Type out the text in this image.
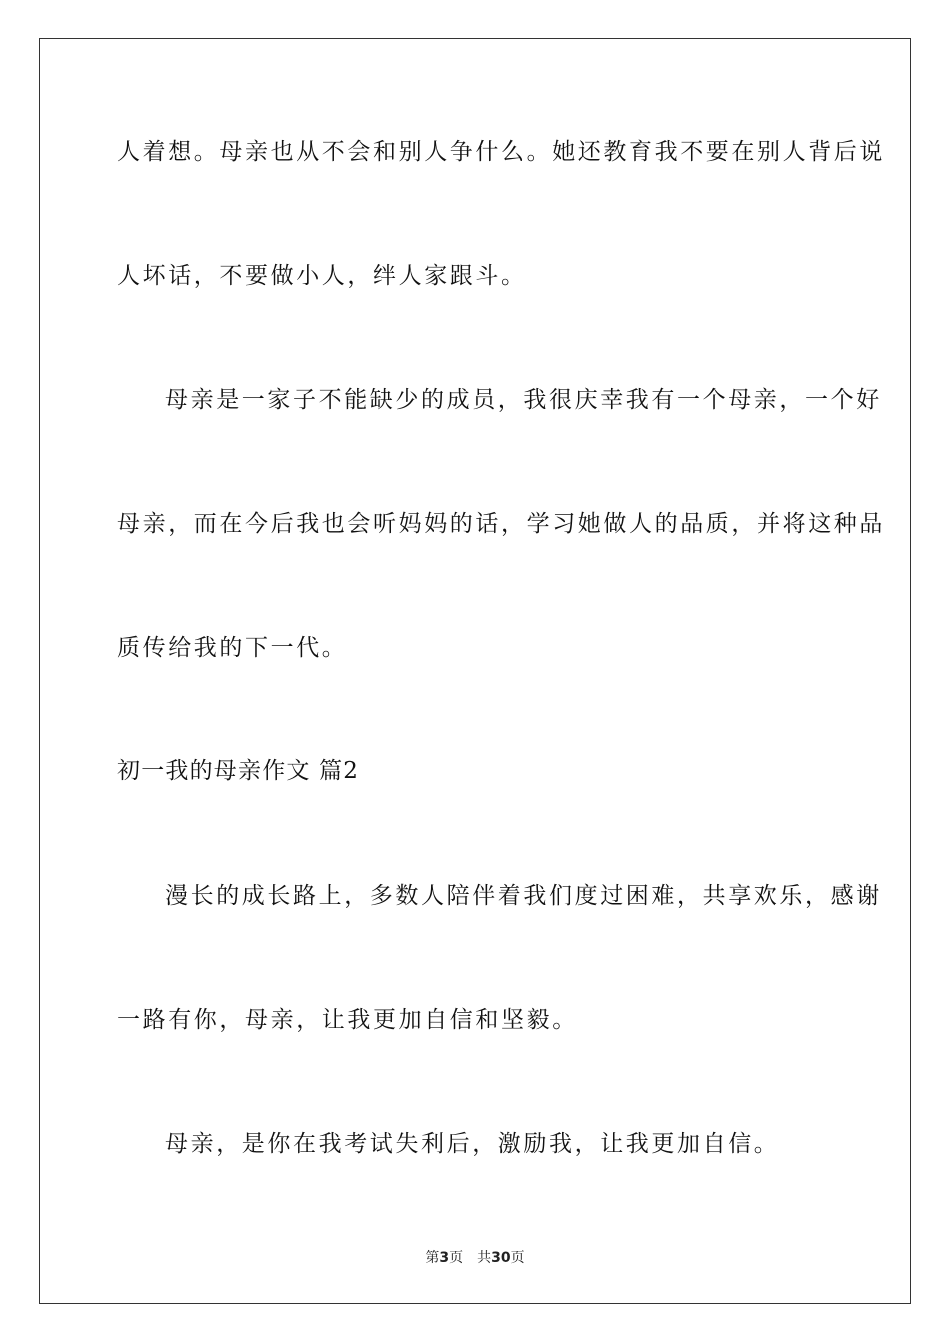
人着想。母亲也从不会和别人争什么。她还教育我不要在别人背后说
人坏话，不要做小人，绊人家跟斗。
母亲是一家子不能缺少的成员，我很庆幸我有一个母亲，一个好
母亲，而在今后我也会听妈妈的话，学习她做人的品质，并将这种品
质传给我的下一代。
初一我的母亲作文 篇2
漫长的成长路上，多数人陪伴着我们度过困难，共享欢乐，感谢
一路有你，母亲，让我更加自信和坚毅。
母亲，是你在我考试失利后，激励我，让我更加自信。
第3页 共30页
